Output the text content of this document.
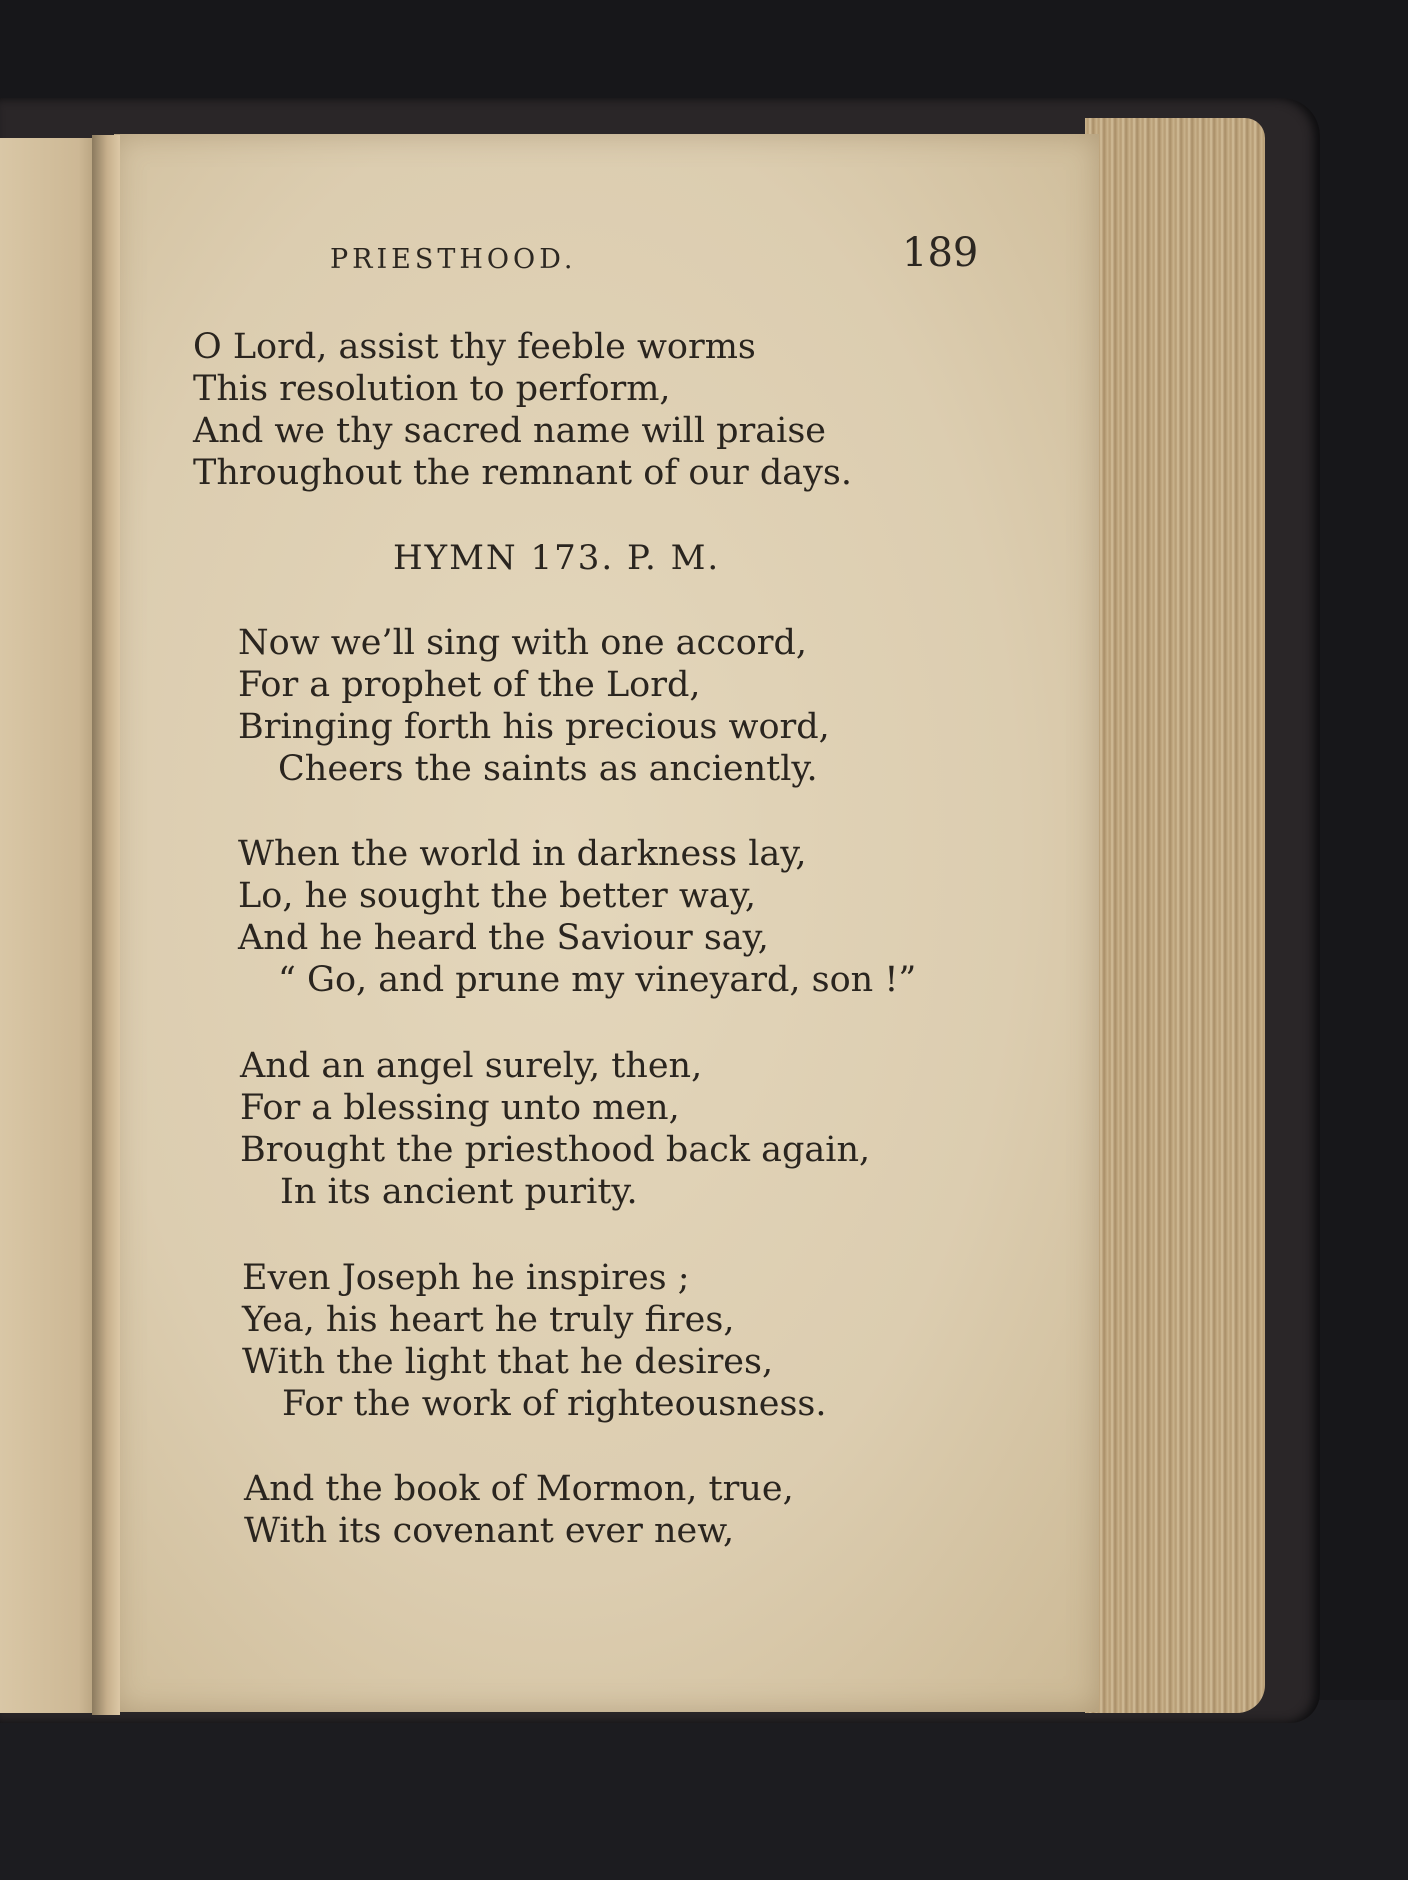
PRIESTHOOD.	189

O Lord, assist thy feeble worms
This resolution to perform,
And we thy sacred name will praise
Throughout the remnant of our days.

HYMN 173. P. M.

Now we’ll sing with one accord,
For a prophet of the Lord,
Bringing forth his precious word,
Cheers the saints as anciently.
When the world in darkness lay,
Lo, he sought the better way,
And he heard the Saviour say,
“ Go, and prune my vineyard, son !”
And an angel surely, then,
For a blessing unto men,
Brought the priesthood back again,
In its ancient purity.
Even Joseph he inspires ;
Yea, his heart he truly fires,
With the light that he desires,
For the work of righteousness.
And the book of Mormon, true,
With its covenant ever new,
